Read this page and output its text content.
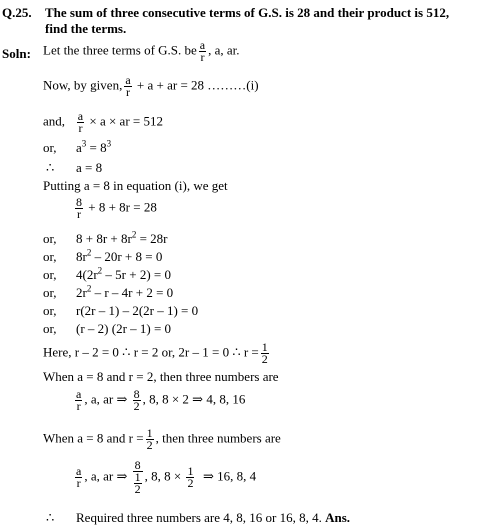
Q.25. The sum of three consecutive terms of G.S. is 28 and their product is 512,
find the terms.
Soln: Let the three terms of G.S. be $\frac{a}{r}$ , a, ar.
Now, by given, $\frac{a}{r} + a$ + ar = 28 ………(i)
and, $\frac{a}{r} \times a$ × ar = 512
or, $a^3 = 8^3$
∴ a = 8
Putting a = 8 in equation (i), we get
$\frac{8}{r} + 8 + 8r = 28$
or, $8 + 8r + 8r^2 = 28r$
or, $8r^2 - 20r + 8 = 0$
or, $4(2r^2 - 5r + 2) = 0$
or, $2r^2 - r - 4r + 2 = 0$
or, r(2r – 1) – 2(2r – 1) = 0
or, (r – 2) (2r – 1) = 0
Here, r – 2 = 0 ∴ r = 2 or, 2r – 1 = 0 ∴ $r = \frac{1}{2}$
When a = 8 and r = 2, then three numbers are
$\frac{a}{r}$ , a, ar ⇒ $\frac{8}{2}$ , 8, 8 × 2 ⇒ 4, 8, 16
When a = 8 and $r = \frac{1}{2}$ , then three numbers are
$\frac{a}{r}$ , a, ar ⇒ $\frac{8}{\frac{1}{2}}$ , 8, $8 \times \frac{1}{2}$ ⇒ 16, 8, 4
∴ Required three numbers are 4, 8, 16 or 16, 8, 4. Ans.
